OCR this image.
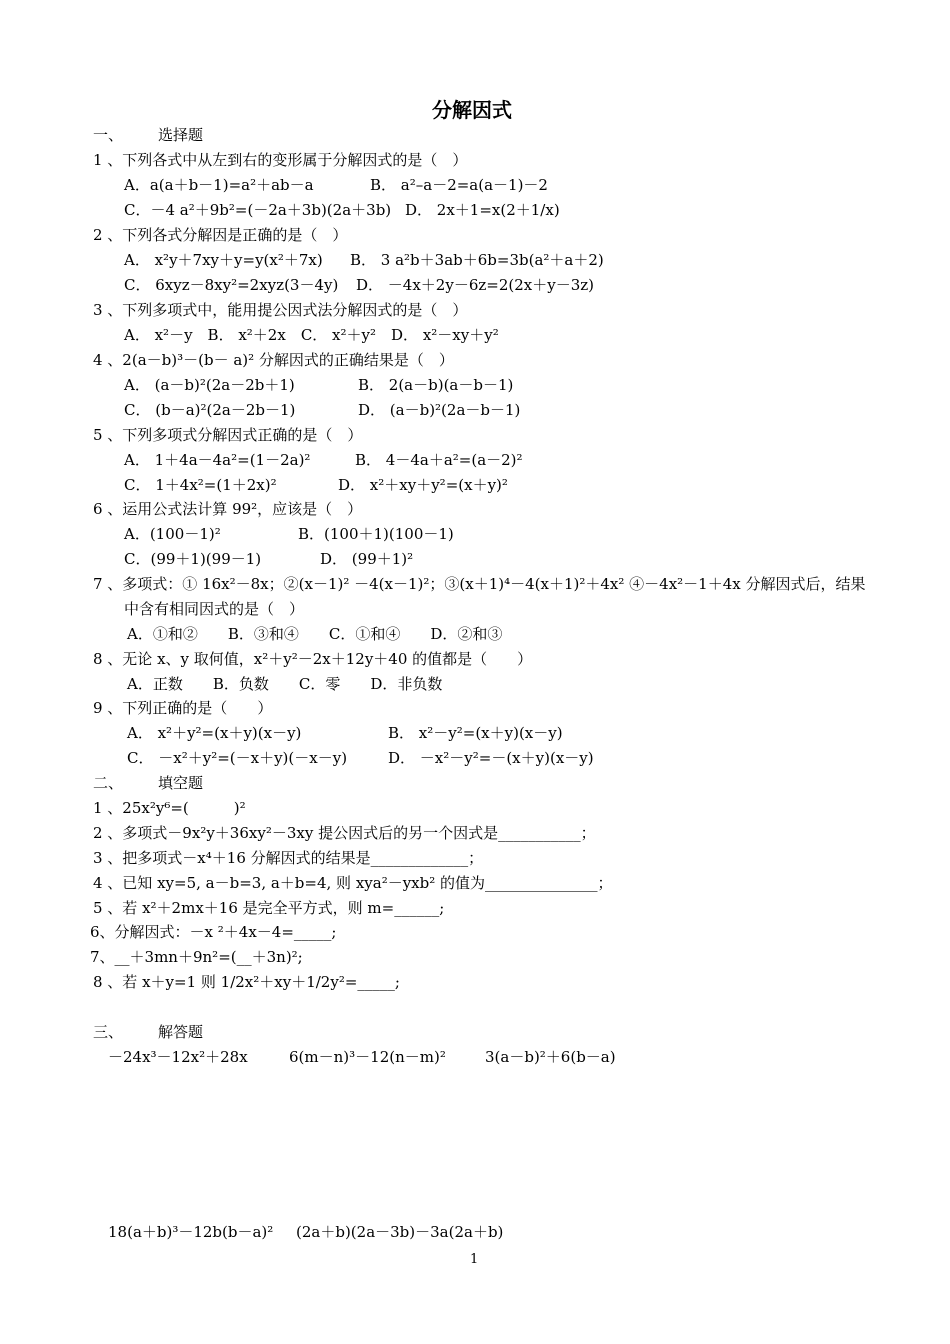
分解因式
一、 选择题
1 、下列各式中从左到右的变形属于分解因式的是（　）
A．a(a＋b－1)=a²＋ab－a	B． a²–a－2=a(a－1)－2
C．－4 a²＋9b²=(－2a＋3b)(2a＋3b) D． 2x＋1=x(2＋1/x)
2 、下列各式分解因是正确的是（　）
A． x²y＋7xy＋y=y(x²＋7x) B． 3 a²b＋3ab＋6b=3b(a²＋a＋2)
C． 6xyz－8xy²=2xyz(3－4y) D． －4x＋2y－6z=2(2x＋y－3z)
3 、下列多项式中，能用提公因式法分解因式的是（　）
A． x²－y　B． x²＋2x　C． x²＋y²　D． x²－xy＋y²
4 、2(a－b)³－(b－ a)² 分解因式的正确结果是（　）
A． (a－b)²(2a－2b＋1)	B． 2(a－b)(a－b－1)
C． (b－a)²(2a－2b－1)	D． (a－b)²(2a－b－1)
5 、下列多项式分解因式正确的是（　）
A． 1＋4a－4a²=(1－2a)²	B． 4－4a＋a²=(a－2)²
C． 1＋4x²=(1＋2x)²	D． x²＋xy＋y²=(x＋y)²
6 、运用公式法计算 99²，应该是（　）
A．(100－1)²	B．(100＋1)(100－1)
C．(99＋1)(99－1)	D． (99＋1)²
7 、多项式：① 16x²－8x；②(x－1)² －4(x－1)²；③(x＋1)⁴－4(x＋1)²＋4x² ④－4x²－1＋4x 分解因式后，结果
中含有相同因式的是（　）
A．①和②　　B．③和④　　C．①和④　　D．②和③
8 、无论 x、y 取何值，x²＋y²－2x＋12y＋40 的值都是（　　）
A．正数　　B．负数　　C．零　　D．非负数
9 、下列正确的是（　　）
A． x²＋y²=(x＋y)(x－y)	B． x²－y²=(x＋y)(x－y)
C． －x²＋y²=(－x＋y)(－x－y)	D． －x²－y²=－(x＋y)(x－y)
二、 填空题
1 、25x²y⁶=(　　　)²
2 、多项式－9x²y＋36xy²－3xy 提公因式后的另一个因式是___________；
3 、把多项式－x⁴＋16 分解因式的结果是_____________；
4 、已知 xy=5, a－b=3, a＋b=4, 则 xya²－yxb² 的值为_______________；
5 、若 x²＋2mx＋16 是完全平方式，则 m=______;
6、分解因式：－x ²＋4x－4=_____;
7、__＋3mn＋9n²=(__＋3n)²;
8 、若 x＋y=1 则 1/2x²＋xy＋1/2y²=_____;
三、 解答题
－24x³－12x²＋28x	6(m－n)³－12(n－m)²	3(a－b)²＋6(b－a)
18(a＋b)³－12b(b－a)² (2a＋b)(2a－3b)－3a(2a＋b)
1
